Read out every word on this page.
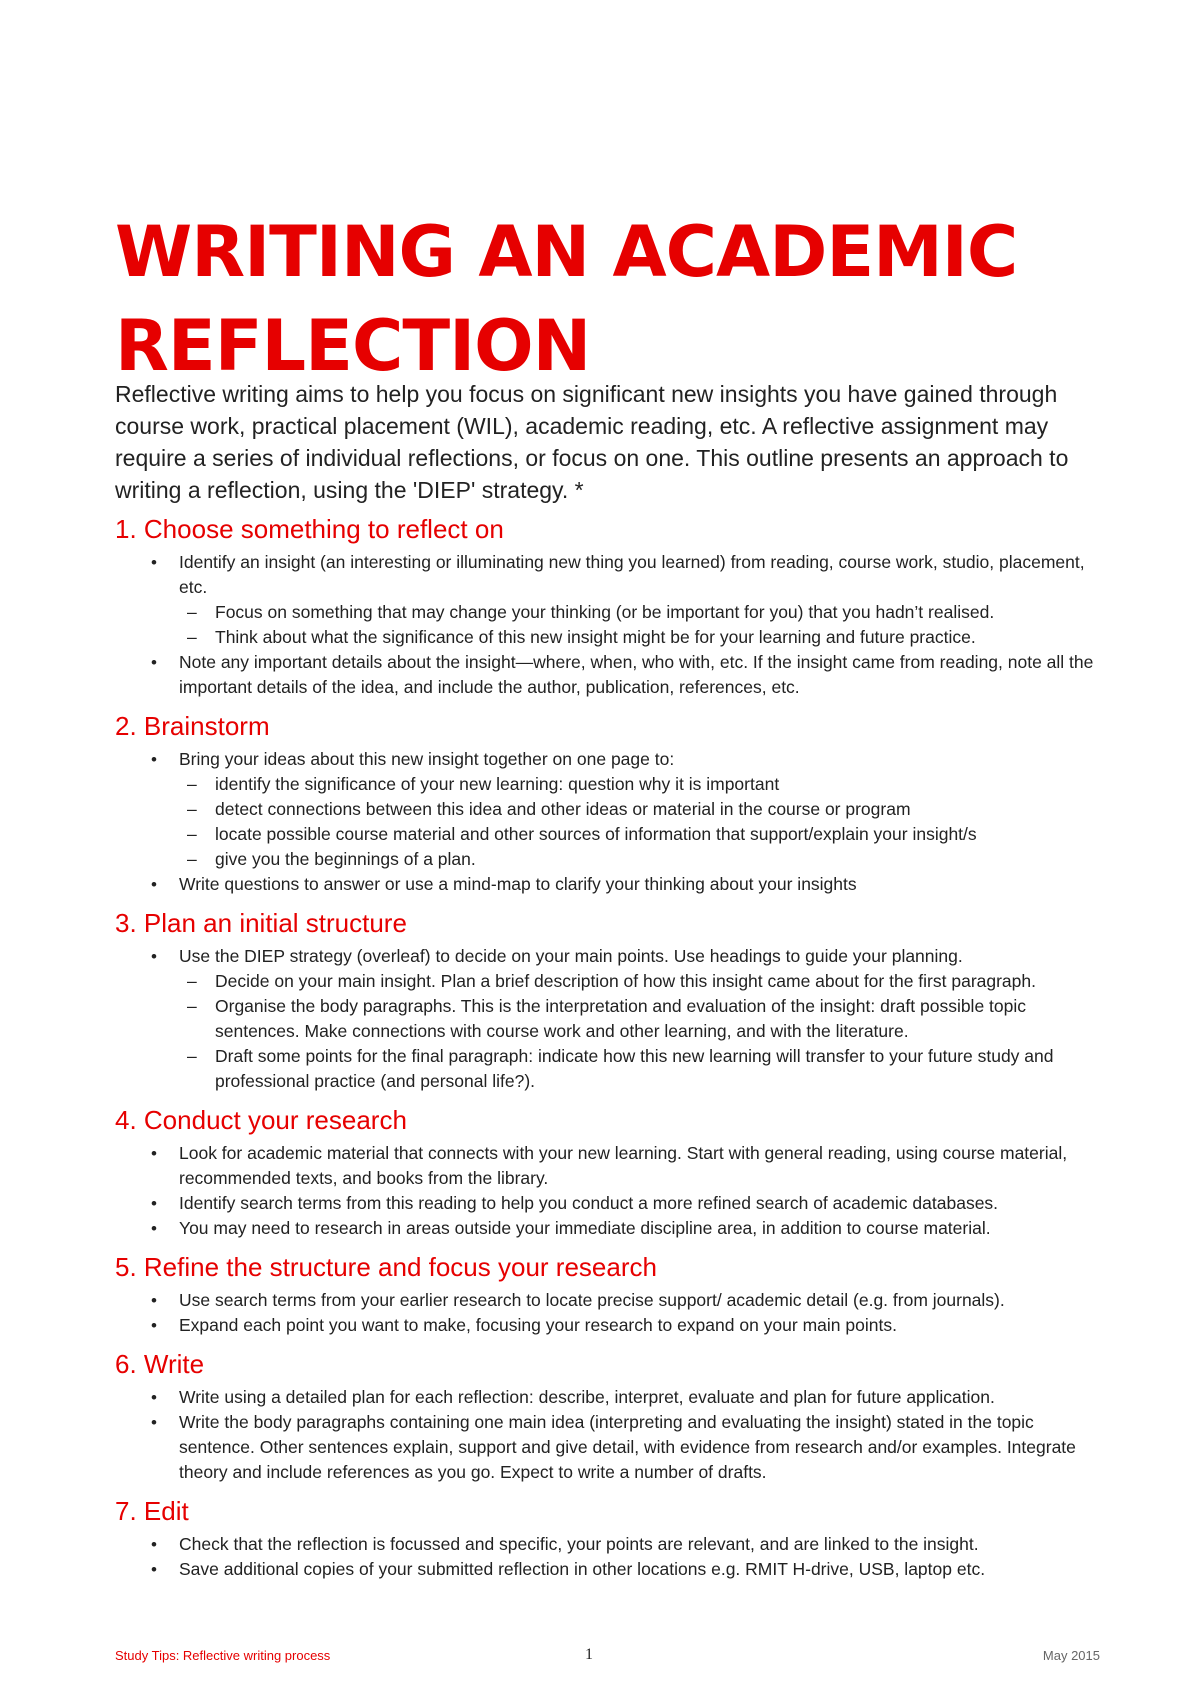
WRITING AN ACADEMIC REFLECTION

Reflective writing aims to help you focus on significant new insights you have gained through course work, practical placement (WIL), academic reading, etc. A reflective assignment may require a series of individual reflections, or focus on one. This outline presents an approach to writing a reflection, using the 'DIEP' strategy. *

1. Choose something to reflect on
• Identify an insight (an interesting or illuminating new thing you learned) from reading, course work, studio, placement, etc.
– Focus on something that may change your thinking (or be important for you) that you hadn’t realised.
– Think about what the significance of this new insight might be for your learning and future practice.
• Note any important details about the insight—where, when, who with, etc. If the insight came from reading, note all the important details of the idea, and include the author, publication, references, etc.
2. Brainstorm
• Bring your ideas about this new insight together on one page to:
– identify the significance of your new learning: question why it is important
– detect connections between this idea and other ideas or material in the course or program
– locate possible course material and other sources of information that support/explain your insight/s
– give you the beginnings of a plan.
• Write questions to answer or use a mind-map to clarify your thinking about your insights
3. Plan an initial structure
• Use the DIEP strategy (overleaf) to decide on your main points. Use headings to guide your planning.
– Decide on your main insight. Plan a brief description of how this insight came about for the first paragraph.
– Organise the body paragraphs. This is the interpretation and evaluation of the insight: draft possible topic sentences. Make connections with course work and other learning, and with the literature.
– Draft some points for the final paragraph: indicate how this new learning will transfer to your future study and professional practice (and personal life?).
4. Conduct your research
• Look for academic material that connects with your new learning. Start with general reading, using course material, recommended texts, and books from the library.
• Identify search terms from this reading to help you conduct a more refined search of academic databases.
• You may need to research in areas outside your immediate discipline area, in addition to course material.
5. Refine the structure and focus your research
• Use search terms from your earlier research to locate precise support/ academic detail (e.g. from journals).
• Expand each point you want to make, focusing your research to expand on your main points.
6. Write
• Write using a detailed plan for each reflection: describe, interpret, evaluate and plan for future application.
• Write the body paragraphs containing one main idea (interpreting and evaluating the insight) stated in the topic sentence. Other sentences explain, support and give detail, with evidence from research and/or examples. Integrate theory and include references as you go. Expect to write a number of drafts.
7. Edit
• Check that the reflection is focussed and specific, your points are relevant, and are linked to the insight.
• Save additional copies of your submitted reflection in other locations e.g. RMIT H-drive, USB, laptop etc.
Study Tips: Reflective writing process	1	May 2015
